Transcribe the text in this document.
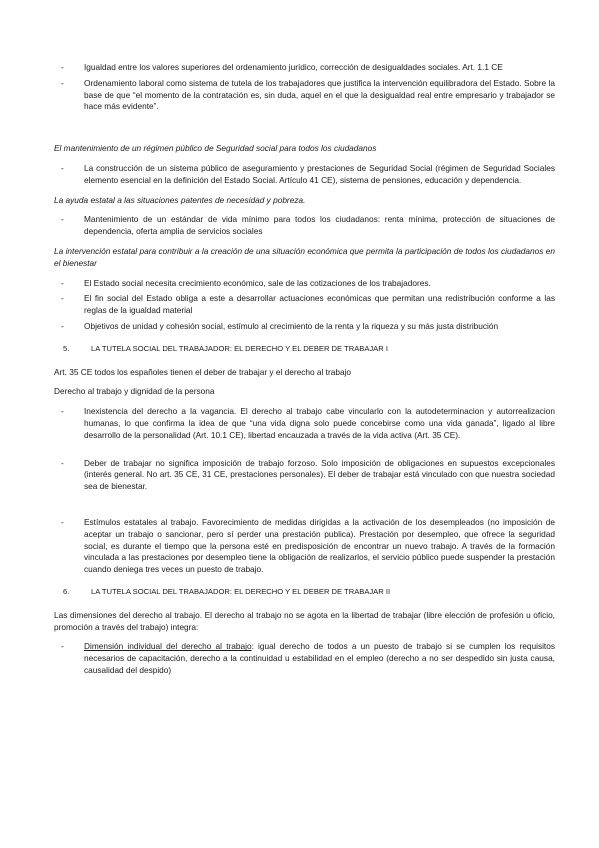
-	Igualdad entre los valores superiores del ordenamiento jurídico, corrección de desigualdades sociales. Art. 1.1 CE
-	Ordenamiento laboral como sistema de tutela de los trabajadores que justifica la intervención equilibradora del Estado. Sobre la base de que “el momento de la contratación es, sin duda, aquel en el que la desigualdad real entre empresario y trabajador se hace más evidente”.
El mantenimiento de un régimen público de Seguridad social para todos los ciudadanos
-	La construcción de un sistema público de aseguramiento y prestaciones de Seguridad Social (régimen de Seguridad Sociales elemento esencial en la definición del Estado Social. Artículo 41 CE), sistema de pensiones, educación y dependencia.
La ayuda estatal a las situaciones patentes de necesidad y pobreza.
-	Mantenimiento de un estándar de vida mínimo para todos los ciudadanos: renta mínima, protección de situaciones de dependencia, oferta amplia de servicios sociales
La intervención estatal para contribuir a la creación de una situación económica que permita la participación de todos los ciudadanos en el bienestar
-	El Estado social necesita crecimiento económico, sale de las cotizaciones de los trabajadores.
-	El fin social del Estado obliga a este a desarrollar actuaciones económicas que permitan una redistribución conforme a las reglas de la igualdad material
-	Objetivos de unidad y cohesión social, estímulo al crecimiento de la renta y la riqueza y su más justa distribución
5.	LA TUTELA SOCIAL DEL TRABAJADOR: EL DERECHO Y EL DEBER DE TRABAJAR I
Art. 35 CE todos los españoles tienen el deber de trabajar y el derecho al trabajo
Derecho al trabajo y dignidad de la persona
-	Inexistencia del derecho a la vagancia. El derecho al trabajo cabe vincularlo con la autodeterminacion y autorrealizacion humanas, lo que confirma la idea de que “una vida digna solo puede concebirse como una vida ganada”, ligado al libre desarrollo de la personalidad (Art. 10.1 CE), libertad encauzada a través de la vida activa (Art. 35 CE).
-	Deber de trabajar no significa imposición de trabajo forzoso. Solo imposición de obligaciones en supuestos excepcionales (interés general. No art. 35 CE, 31 CE, prestaciones personales). El deber de trabajar está vinculado con que nuestra sociedad sea de bienestar.
-	Estímulos estatales al trabajo. Favorecimiento de medidas dirigidas a la activación de los desempleados (no imposición de aceptar un trabajo o sancionar, pero sí perder una prestación publica). Prestación por desempleo, que ofrece la seguridad social, es durante el tiempo que la persona esté en predisposición de encontrar un nuevo trabajo. A través de la formación vinculada a las prestaciones por desempleo tiene la obligación de realizarlos, el servicio público puede suspender la prestación cuando deniega tres veces un puesto de trabajo.
6.	LA TUTELA SOCIAL DEL TRABAJADOR: EL DERECHO Y EL DEBER DE TRABAJAR II
Las dimensiones del derecho al trabajo. El derecho al trabajo no se agota en la libertad de trabajar (libre elección de profesión u oficio, promoción a través del trabajo) integra:
-	Dimensión individual del derecho al trabajo: igual derecho de todos a un puesto de trabajo si se cumplen los requisitos necesarios de capacitación, derecho a la continuidad u estabilidad en el empleo (derecho a no ser despedido sin justa causa, causalidad del despido)
